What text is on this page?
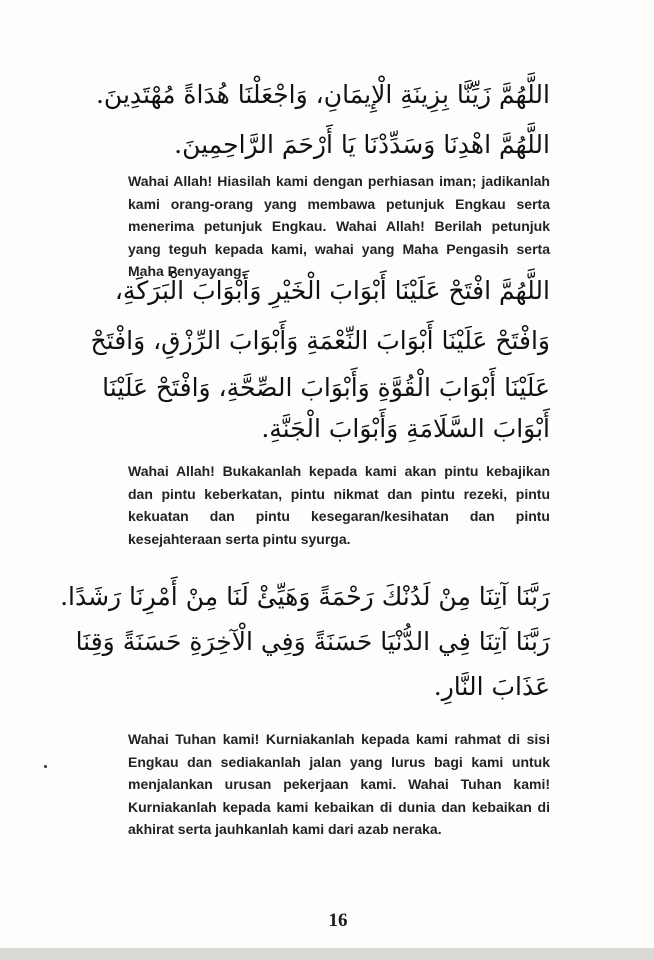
اللَّهُمَّ زَيِّنَّا بِزِينَةِ الْإِيمَانِ، وَاجْعَلْنَا هُدَاةً مُهْتَدِينَ.
اللَّهُمَّ اهْدِنَا وَسَدِّدْنَا يَا أَرْحَمَ الرَّاحِمِينَ.
Wahai Allah! Hiasilah kami dengan perhiasan iman; jadikanlah kami orang-orang yang membawa petunjuk Engkau serta menerima petunjuk Engkau. Wahai Allah! Berilah petunjuk yang teguh kepada kami, wahai yang Maha Pengasih serta Maha Penyayang.
اللَّهُمَّ افْتَحْ عَلَيْنَا أَبْوَابَ الْخَيْرِ وَأَبْوَابَ الْبَرَكَةِ،
وَافْتَحْ عَلَيْنَا أَبْوَابَ النِّعْمَةِ وَأَبْوَابَ الرِّزْقِ، وَافْتَحْ
عَلَيْنَا أَبْوَابَ الْقُوَّةِ وَأَبْوَابَ الصِّحَّةِ، وَافْتَحْ عَلَيْنَا
أَبْوَابَ السَّلَامَةِ وَأَبْوَابَ الْجَنَّةِ.
Wahai Allah! Bukakanlah kepada kami akan pintu kebajikan dan pintu keberkatan, pintu nikmat dan pintu rezeki, pintu kekuatan dan pintu kesegaran/kesihatan dan pintu kesejahteraan serta pintu syurga.
رَبَّنَا آتِنَا مِنْ لَدُنْكَ رَحْمَةً وَهَيِّئْ لَنَا مِنْ أَمْرِنَا رَشَدًا.
رَبَّنَا آتِنَا فِي الدُّنْيَا حَسَنَةً وَفِي الْآخِرَةِ حَسَنَةً وَقِنَا
عَذَابَ النَّارِ.
Wahai Tuhan kami! Kurniakanlah kepada kami rahmat di sisi Engkau dan sediakanlah jalan yang lurus bagi kami untuk menjalankan urusan pekerjaan kami. Wahai Tuhan kami! Kurniakanlah kepada kami kebaikan di dunia dan kebaikan di akhirat serta jauhkanlah kami dari azab neraka.
16
